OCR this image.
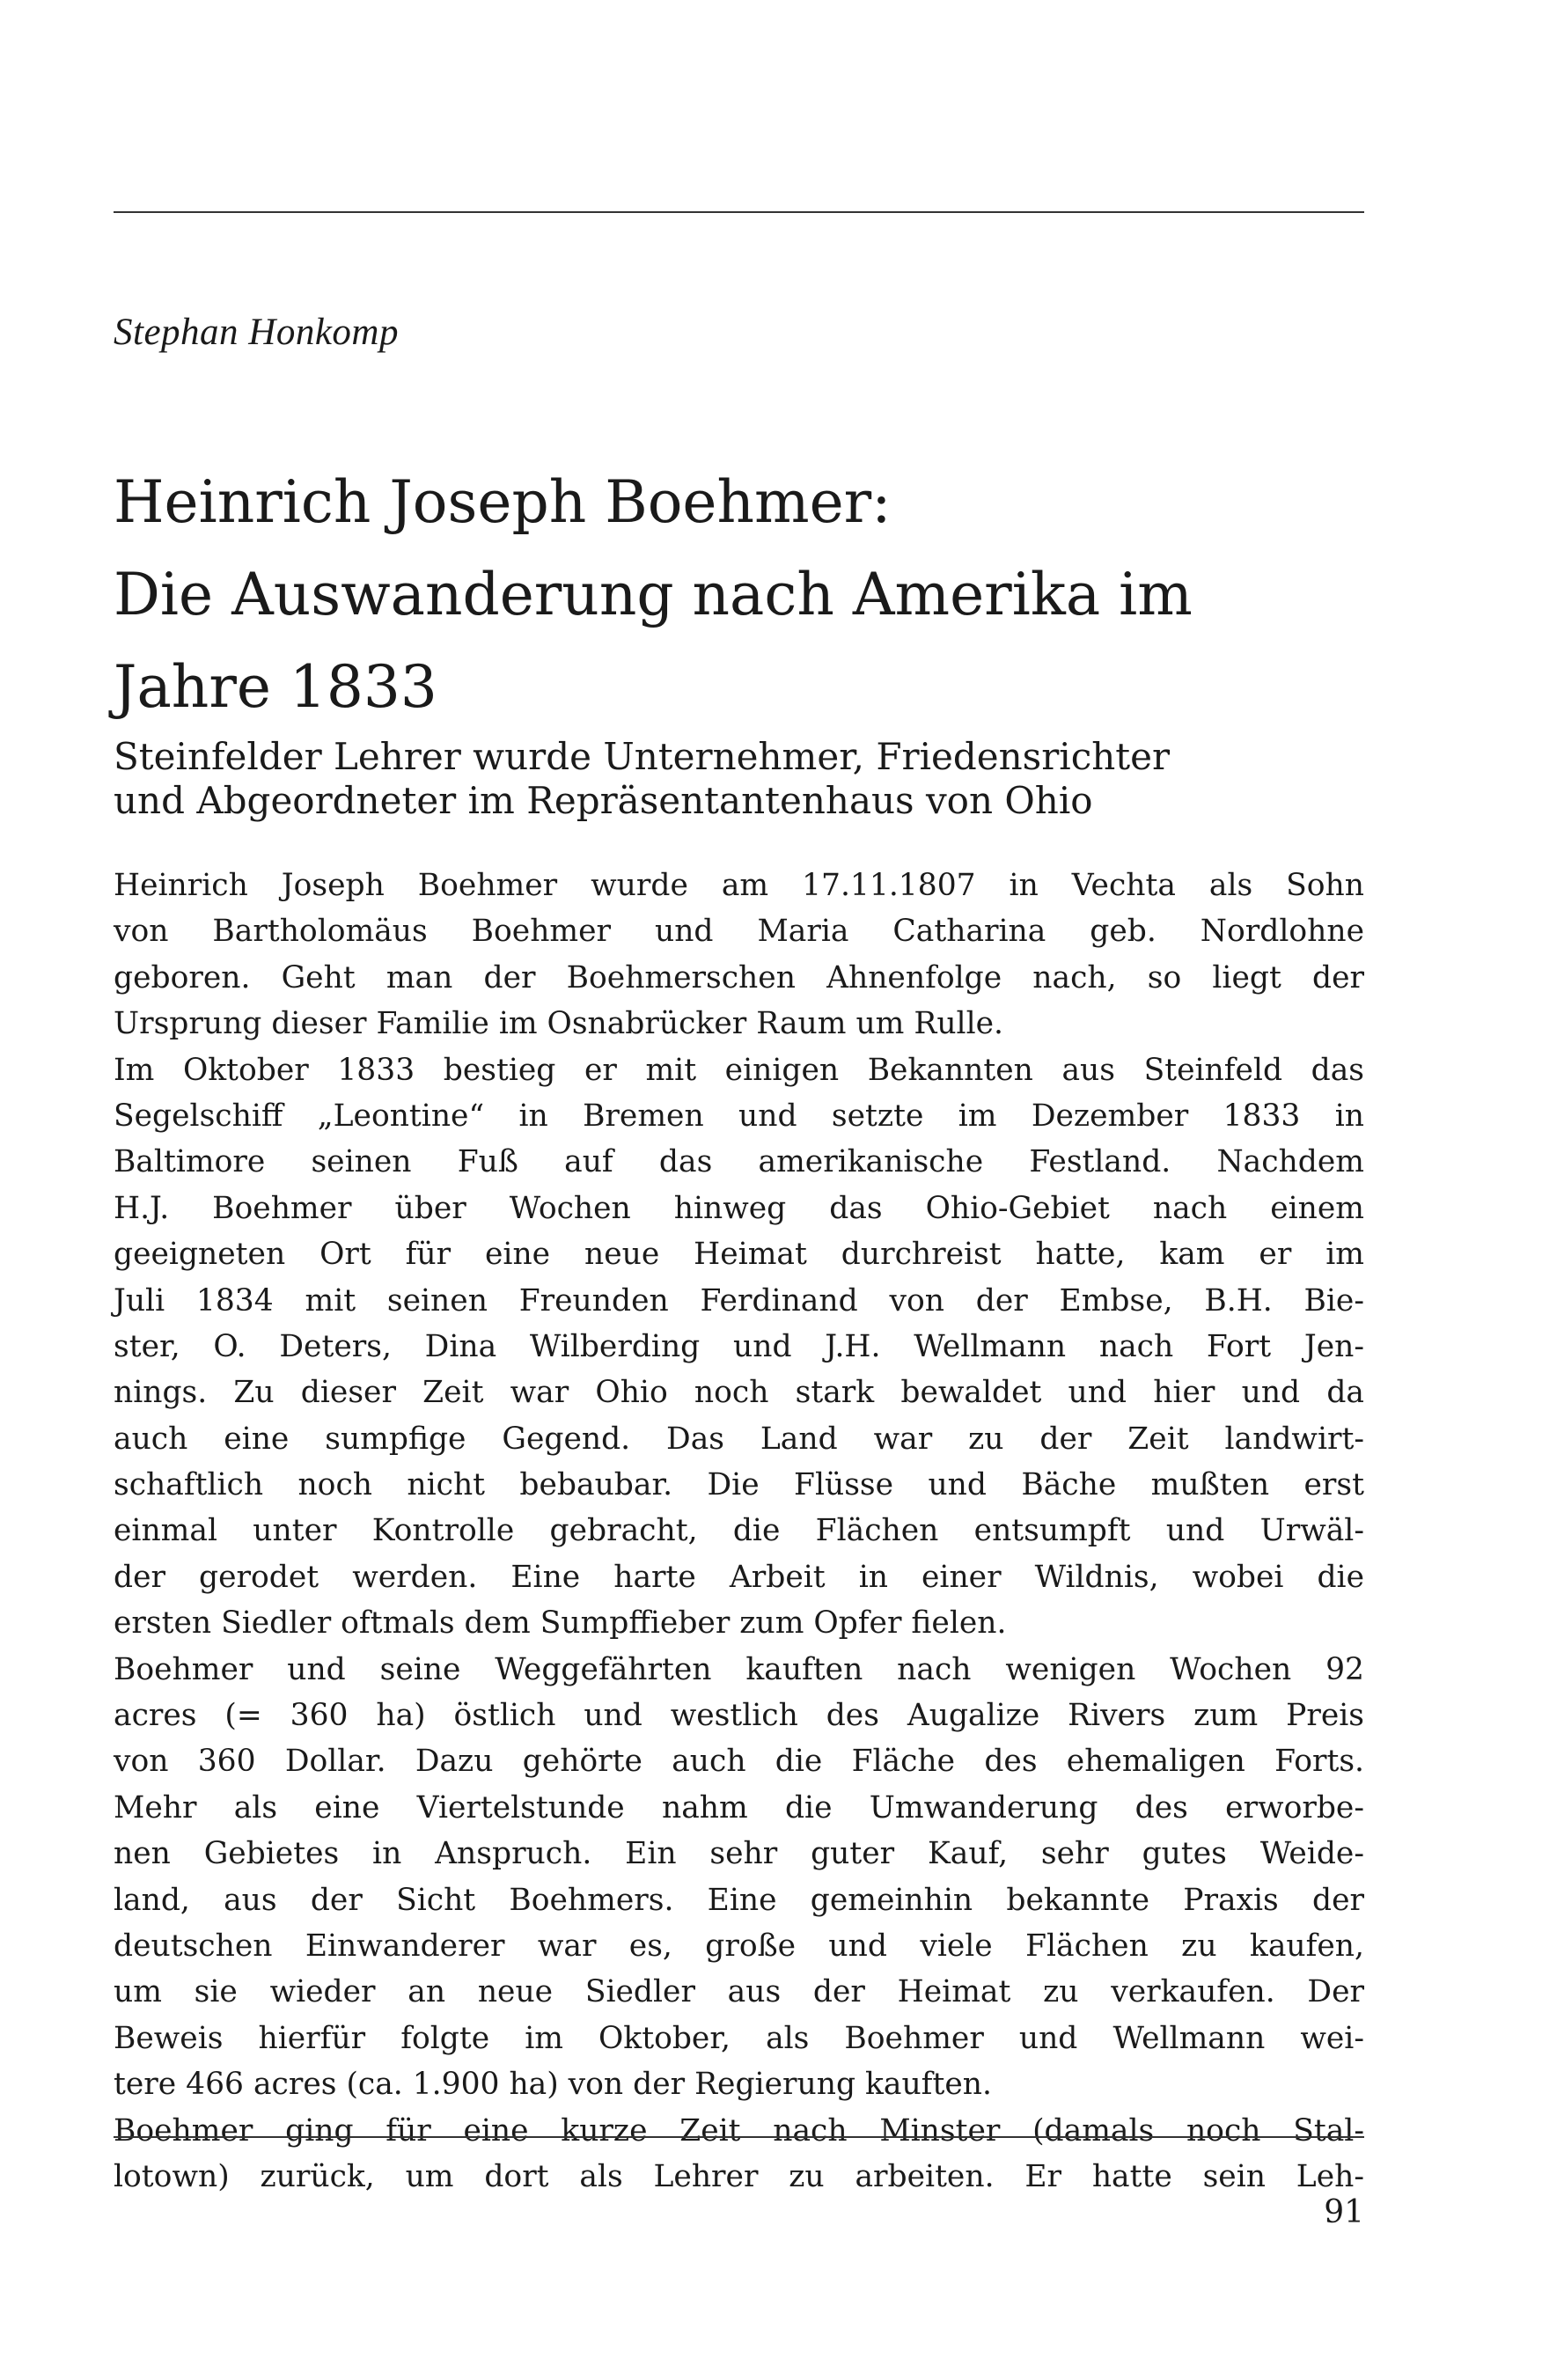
Stephan Honkomp

Heinrich Joseph Boehmer:
Die Auswanderung nach Amerika im
Jahre 1833
Steinfelder Lehrer wurde Unternehmer, Friedensrichter
und Abgeordneter im Repräsentantenhaus von Ohio
Heinrich Joseph Boehmer wurde am 17.11.1807 in Vechta als Sohn
von Bartholomäus Boehmer und Maria Catharina geb. Nordlohne
geboren. Geht man der Boehmerschen Ahnenfolge nach, so liegt der
Ursprung dieser Familie im Osnabrücker Raum um Rulle.
Im Oktober 1833 bestieg er mit einigen Bekannten aus Steinfeld das
Segelschiff „Leontine“ in Bremen und setzte im Dezember 1833 in
Baltimore seinen Fuß auf das amerikanische Festland. Nachdem
H.J. Boehmer über Wochen hinweg das Ohio-Gebiet nach einem
geeigneten Ort für eine neue Heimat durchreist hatte, kam er im
Juli 1834 mit seinen Freunden Ferdinand von der Embse, B.H. Bie-
ster, O. Deters, Dina Wilberding und J.H. Wellmann nach Fort Jen-
nings. Zu dieser Zeit war Ohio noch stark bewaldet und hier und da
auch eine sumpfige Gegend. Das Land war zu der Zeit landwirt-
schaftlich noch nicht bebaubar. Die Flüsse und Bäche mußten erst
einmal unter Kontrolle gebracht, die Flächen entsumpft und Urwäl-
der gerodet werden. Eine harte Arbeit in einer Wildnis, wobei die
ersten Siedler oftmals dem Sumpffieber zum Opfer fielen.
Boehmer und seine Weggefährten kauften nach wenigen Wochen 92
acres (= 360 ha) östlich und westlich des Augalize Rivers zum Preis
von 360 Dollar. Dazu gehörte auch die Fläche des ehemaligen Forts.
Mehr als eine Viertelstunde nahm die Umwanderung des erworbe-
nen Gebietes in Anspruch. Ein sehr guter Kauf, sehr gutes Weide-
land, aus der Sicht Boehmers. Eine gemeinhin bekannte Praxis der
deutschen Einwanderer war es, große und viele Flächen zu kaufen,
um sie wieder an neue Siedler aus der Heimat zu verkaufen. Der
Beweis hierfür folgte im Oktober, als Boehmer und Wellmann wei-
tere 466 acres (ca. 1.900 ha) von der Regierung kauften.
Boehmer ging für eine kurze Zeit nach Minster (damals noch Stal-
lotown) zurück, um dort als Lehrer zu arbeiten. Er hatte sein Leh-

91
